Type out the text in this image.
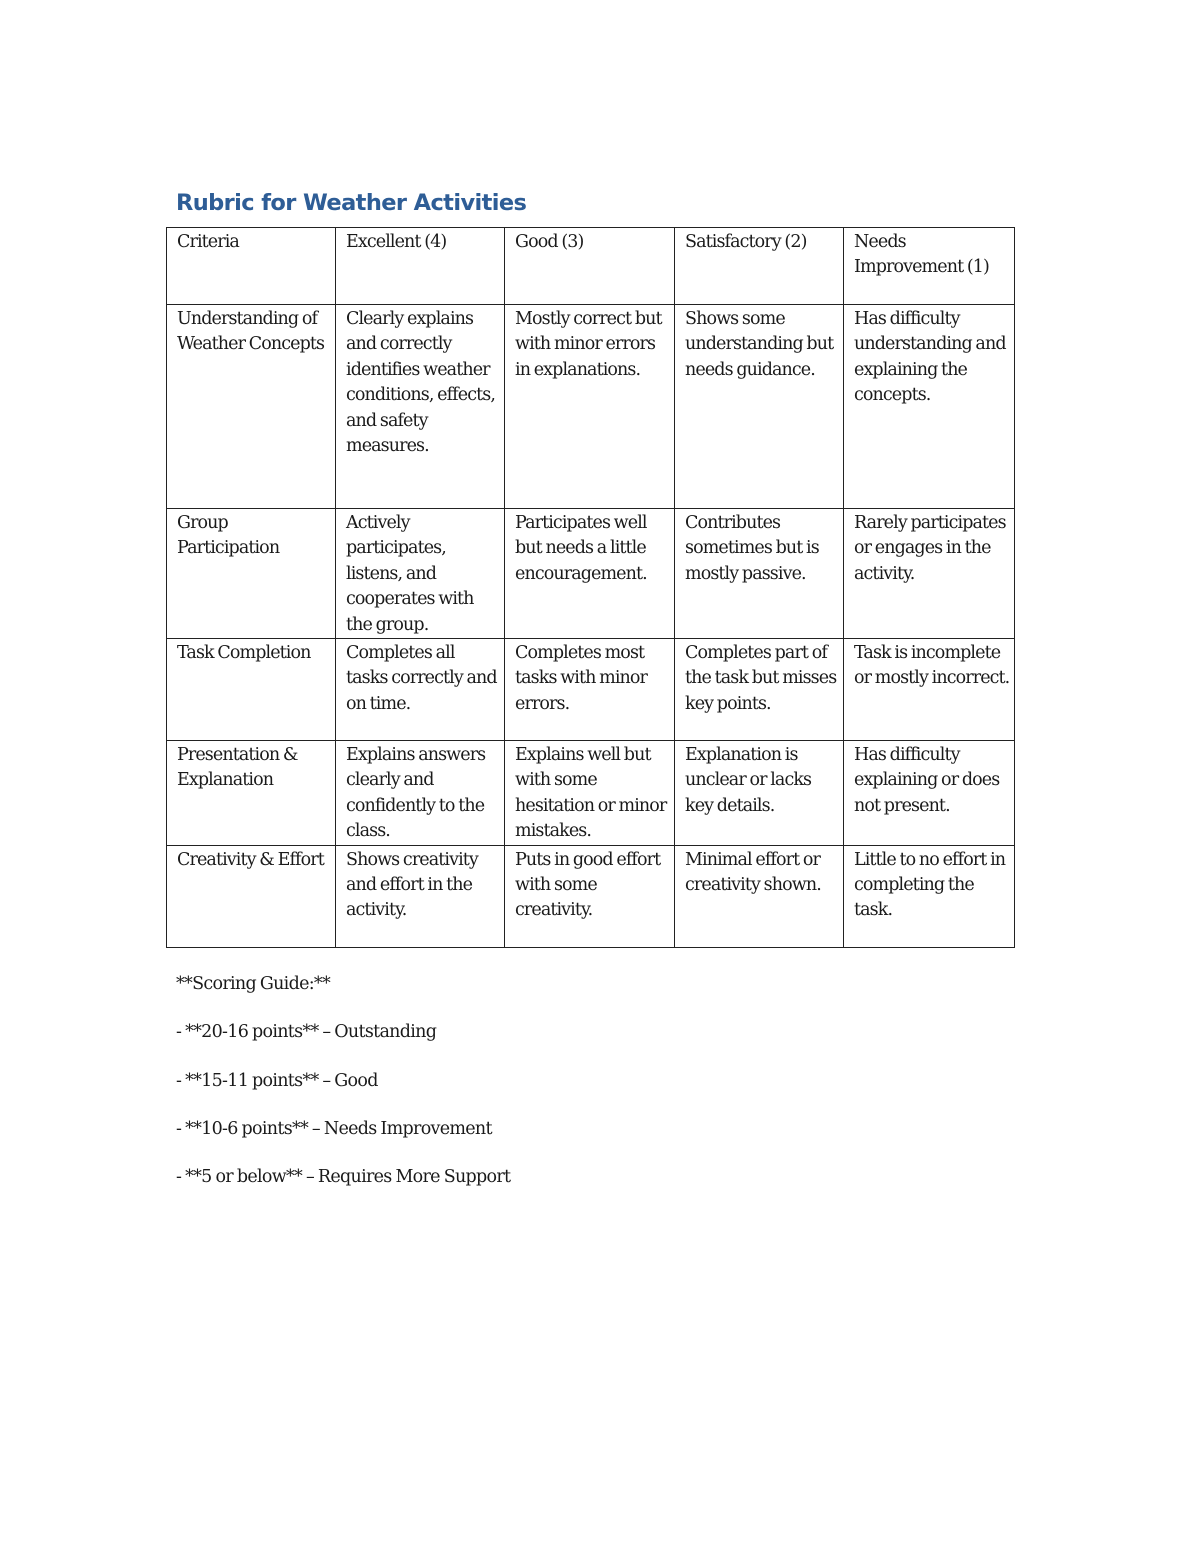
Rubric for Weather Activities
Criteria	Excellent (4)	Good (3)	Satisfactory (2)	Needs Improvement (1)
Understanding of Weather Concepts	Clearly explains and correctly identifies weather conditions, effects, and safety measures.	Mostly correct but with minor errors in explanations.	Shows some understanding but needs guidance.	Has difficulty understanding and explaining the concepts.
Group Participation	Actively participates, listens, and cooperates with the group.	Participates well but needs a little encouragement.	Contributes sometimes but is mostly passive.	Rarely participates or engages in the activity.
Task Completion	Completes all tasks correctly and on time.	Completes most tasks with minor errors.	Completes part of the task but misses key points.	Task is incomplete or mostly incorrect.
Presentation & Explanation	Explains answers clearly and confidently to the class.	Explains well but with some hesitation or minor mistakes.	Explanation is unclear or lacks key details.	Has difficulty explaining or does not present.
Creativity & Effort	Shows creativity and effort in the activity.	Puts in good effort with some creativity.	Minimal effort or creativity shown.	Little to no effort in completing the task.

**Scoring Guide:**

- **20-16 points** – Outstanding

- **15-11 points** – Good

- **10-6 points** – Needs Improvement

- **5 or below** – Requires More Support
